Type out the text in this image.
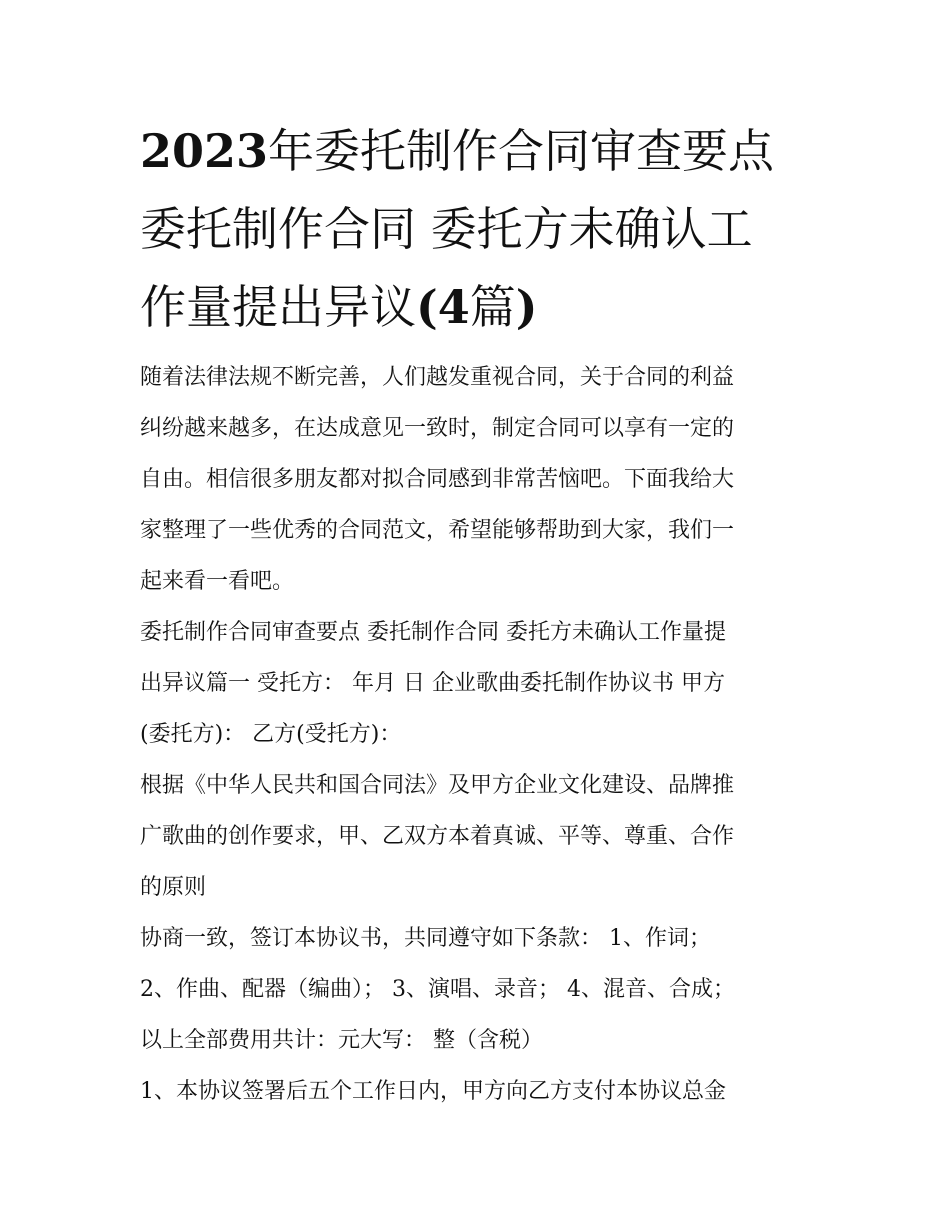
2023年委托制作合同审查要点
委托制作合同 委托方未确认工
作量提出异议(4篇)

随着法律法规不断完善，人们越发重视合同，关于合同的利益
纠纷越来越多，在达成意见一致时，制定合同可以享有一定的
自由。相信很多朋友都对拟合同感到非常苦恼吧。下面我给大
家整理了一些优秀的合同范文，希望能够帮助到大家，我们一
起来看一看吧。

委托制作合同审查要点 委托制作合同 委托方未确认工作量提
出异议篇一 受托方： 年月 日 企业歌曲委托制作协议书 甲方
(委托方)： 乙方(受托方)：

根据《中华人民共和国合同法》及甲方企业文化建设、品牌推
广歌曲的创作要求，甲、乙双方本着真诚、平等、尊重、合作
的原则

协商一致，签订本协议书，共同遵守如下条款： 1、作词；

2、作曲、配器（编曲）； 3、演唱、录音； 4、混音、合成；

以上全部费用共计：元大写： 整（含税）

1、本协议签署后五个工作日内，甲方向乙方支付本协议总金
